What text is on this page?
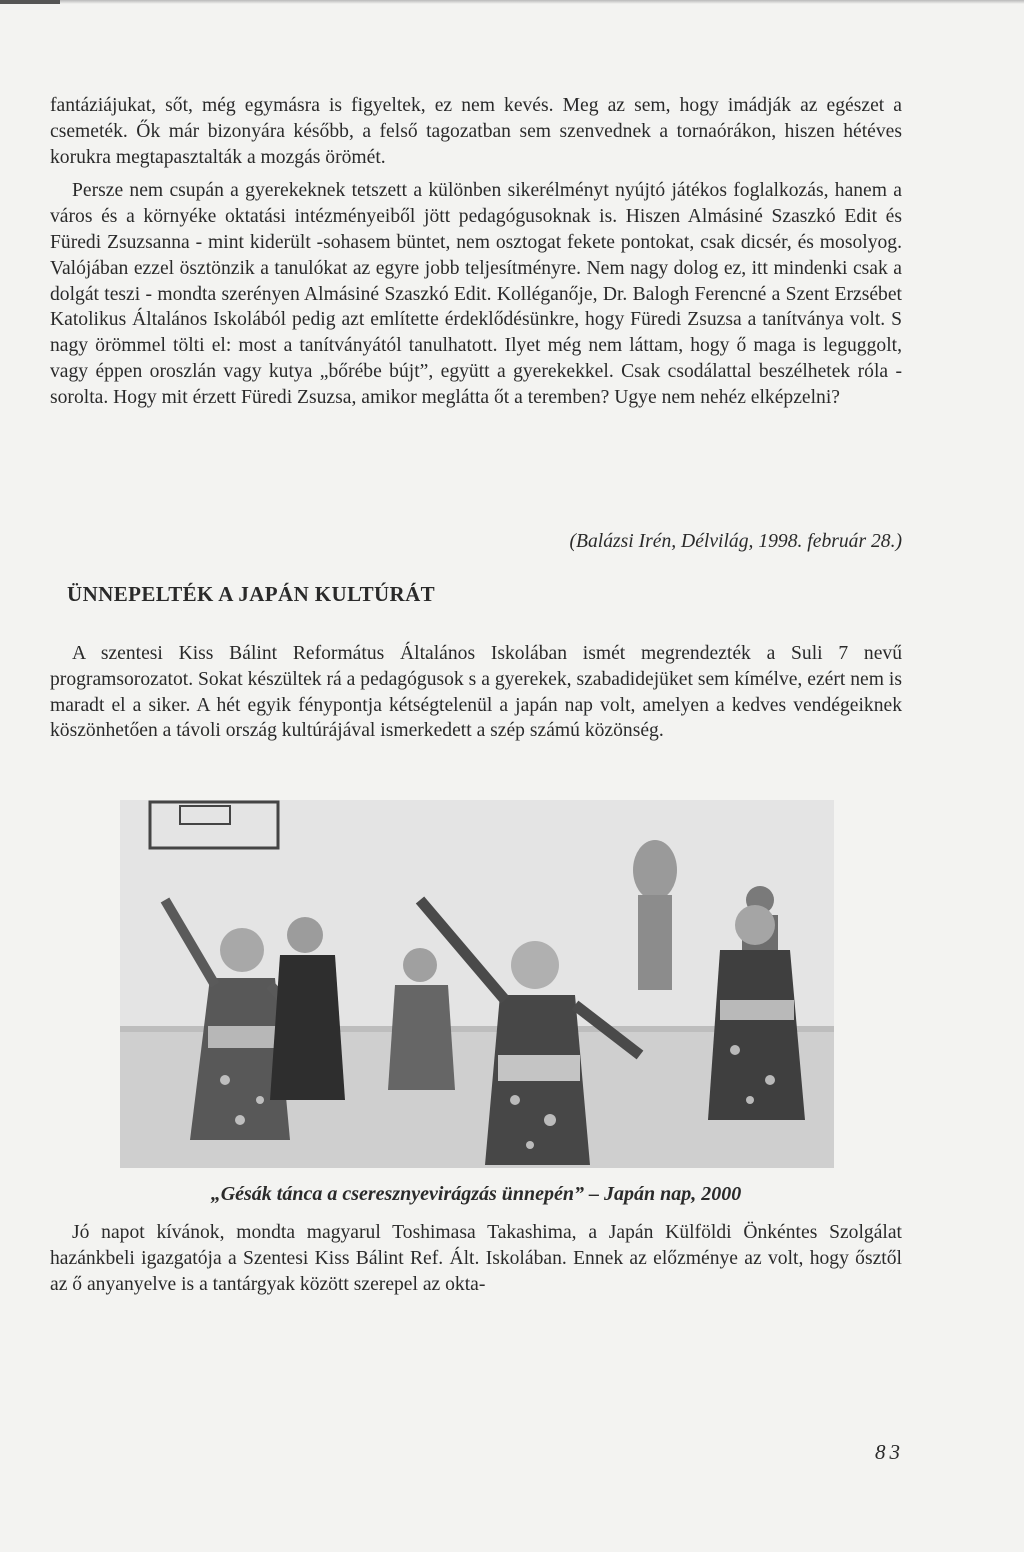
fantáziájukat, sőt, még egymásra is figyeltek, ez nem kevés. Meg az sem, hogy imádják az egészet a csemeték. Ők már bizonyára később, a felső tagozatban sem szenvednek a tornaórákon, hiszen hétéves korukra megtapasztalták a mozgás örömét.

Persze nem csupán a gyerekeknek tetszett a különben sikerélményt nyújtó játékos foglalkozás, hanem a város és a környéke oktatási intézményeiből jött pedagógusoknak is. Hiszen Almásiné Szaszkó Edit és Füredi Zsuzsanna - mint kiderült -sohasem büntet, nem osztogat fekete pontokat, csak dicsér, és mosolyog. Valójában ezzel ösztönzik a tanulókat az egyre jobb teljesítményre. Nem nagy dolog ez, itt mindenki csak a dolgát teszi - mondta szerényen Almásiné Szaszkó Edit. Kolléganője, Dr. Balogh Ferencné a Szent Erzsébet Katolikus Általános Iskolából pedig azt említette érdeklődésünkre, hogy Füredi Zsuzsa a tanítványa volt. S nagy örömmel tölti el: most a tanítványától tanulhatott. Ilyet még nem láttam, hogy ő maga is leguggolt, vagy éppen oroszlán vagy kutya „bőrébe bújt”, együtt a gyerekekkel. Csak csodálattal beszélhetek róla - sorolta. Hogy mit érzett Füredi Zsuzsa, amikor meglátta őt a teremben? Ugye nem nehéz elképzelni?

(Balázsi Irén, Délvilág, 1998. február 28.)
ÜNNEPELTÉK A JAPÁN KULTÚRÁT

A szentesi Kiss Bálint Református Általános Iskolában ismét megrendezték a Suli 7 nevű programsorozatot. Sokat készültek rá a pedagógusok s a gyerekek, szabadidejüket sem kímélve, ezért nem is maradt el a siker. A hét egyik fénypontja kétségtelenül a japán nap volt, amelyen a kedves vendégeiknek köszönhetően a távoli ország kultúrájával ismerkedett a szép számú közönség.

„Gésák tánca a cseresznyevirágzás ünnepén” – Japán nap, 2000

Jó napot kívánok, mondta magyarul Toshimasa Takashima, a Japán Külföldi Önkéntes Szolgálat hazánkbeli igazgatója a Szentesi Kiss Bálint Ref. Ált. Iskolában. Ennek az előzménye az volt, hogy ősztől az ő anyanyelve is a tantárgyak között szerepel az okta-

83
